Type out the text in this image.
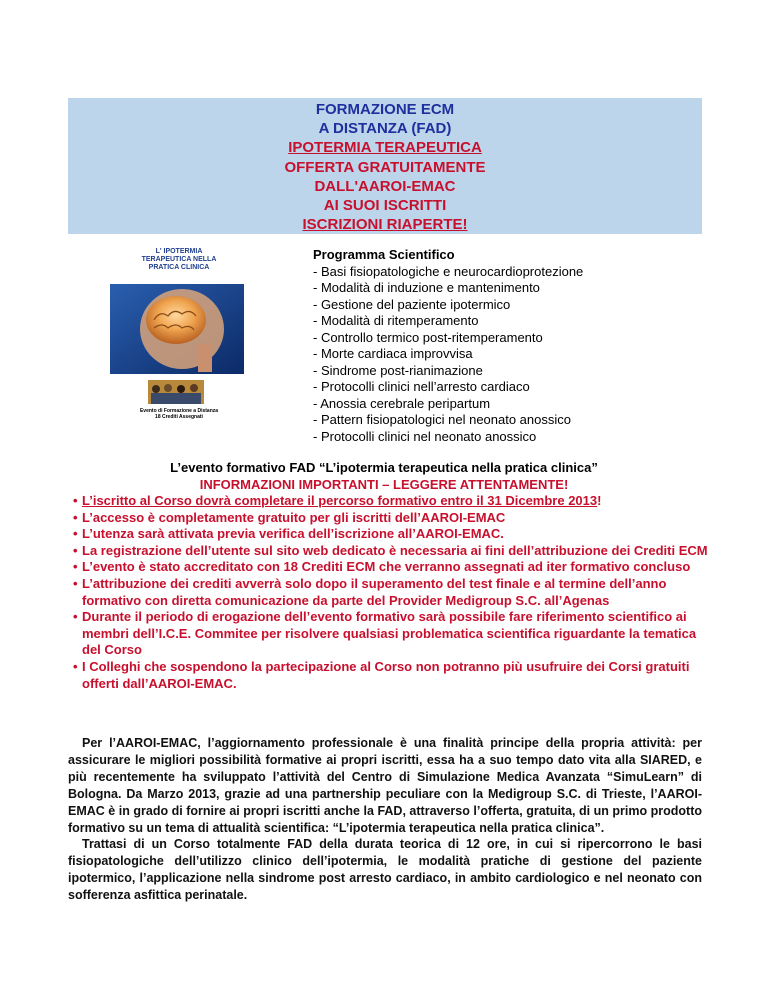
FORMAZIONE ECM
A DISTANZA (FAD)
IPOTERMIA TERAPEUTICA
OFFERTA GRATUITAMENTE
DALL'AAROI-EMAC
AI SUOI ISCRITTI
ISCRIZIONI RIAPERTE!
L' IPOTERMIA
TERAPEUTICA NELLA
PRATICA CLINICA
Evento di Formazione a Distanza
18 Crediti Assegnati
Programma Scientifico
- Basi fisiopatologiche e neurocardioprotezione
- Modalità di induzione e mantenimento
- Gestione del paziente ipotermico
- Modalità di ritemperamento
- Controllo termico post-ritemperamento
- Morte cardiaca improvvisa
- Sindrome post-rianimazione
- Protocolli clinici nell’arresto cardiaco
- Anossia cerebrale peripartum
- Pattern fisiopatologici nel neonato anossico
- Protocolli clinici nel neonato anossico
L’evento formativo FAD “L’ipotermia terapeutica nella pratica clinica”
INFORMAZIONI IMPORTANTI – LEGGERE ATTENTAMENTE!
• L’iscritto al Corso dovrà completare il percorso formativo entro il 31 Dicembre 2013!
• L’accesso è completamente gratuito per gli iscritti dell’AAROI-EMAC
• L’utenza sarà attivata previa verifica dell’iscrizione all’AAROI-EMAC.
• La registrazione dell’utente sul sito web dedicato è necessaria ai fini dell’attribuzione dei Crediti ECM
• L’evento è stato accreditato con 18 Crediti ECM che verranno assegnati ad iter formativo concluso
• L’attribuzione dei crediti avverrà solo dopo il superamento del test finale e al termine dell’anno formativo con diretta comunicazione da parte del Provider Medigroup S.C. all’Agenas
• Durante il periodo di erogazione dell’evento formativo sarà possibile fare riferimento scientifico ai membri dell’I.C.E. Commitee per risolvere qualsiasi problematica scientifica riguardante la tematica del Corso
• I Colleghi che sospendono la partecipazione al Corso non potranno più usufruire dei Corsi gratuiti offerti dall’AAROI-EMAC.
Per l’AAROI-EMAC, l’aggiornamento professionale è una finalità principe della propria attività: per assicurare le migliori possibilità formative ai propri iscritti, essa ha a suo tempo dato vita alla SIARED, e più recentemente ha sviluppato l’attività del Centro di Simulazione Medica Avanzata “SimuLearn” di Bologna. Da Marzo 2013, grazie ad una partnership peculiare con la Medigroup S.C. di Trieste, l’AAROI-EMAC è in grado di fornire ai propri iscritti anche la FAD, attraverso l’offerta, gratuita, di un primo prodotto formativo su un tema di attualità scientifica: “L’ipotermia terapeutica nella pratica clinica”.
Trattasi di un Corso totalmente FAD della durata teorica di 12 ore, in cui si ripercorrono le basi fisiopatologiche dell’utilizzo clinico dell’ipotermia, le modalità pratiche di gestione del paziente ipotermico, l’applicazione nella sindrome post arresto cardiaco, in ambito cardiologico e nel neonato con sofferenza asfittica perinatale.
